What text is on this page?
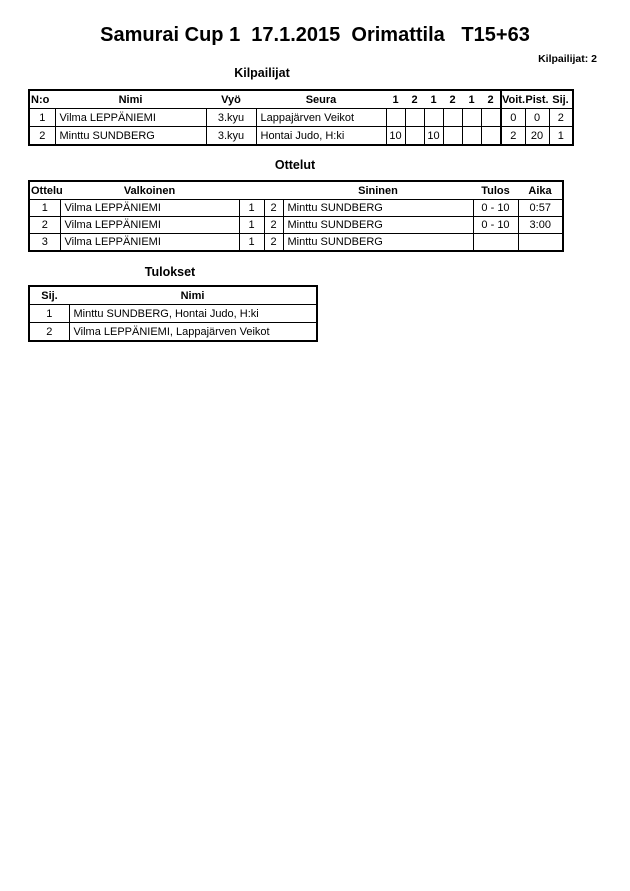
Samurai Cup 1  17.1.2015  Orimattila   T15+63
Kilpailijat: 2
Kilpailijat
N:o	Nimi	Vyö	Seura	1	2	1	2	1	2	Voit.	Pist.	Sij.
1	Vilma LEPPÄNIEMI	3.kyu	Lappajärven Veikot							0	0	2
2	Minttu SUNDBERG	3.kyu	Hontai Judo, H:ki	10		10				2	20	1
Ottelut
Ottelu	Valkoinen			Sininen	Tulos	Aika
1	Vilma LEPPÄNIEMI	1	2	Minttu SUNDBERG	0 - 10	0:57
2	Vilma LEPPÄNIEMI	1	2	Minttu SUNDBERG	0 - 10	3:00
3	Vilma LEPPÄNIEMI	1	2	Minttu SUNDBERG		
Tulokset
Sij.	Nimi
1	Minttu SUNDBERG, Hontai Judo, H:ki
2	Vilma LEPPÄNIEMI, Lappajärven Veikot
